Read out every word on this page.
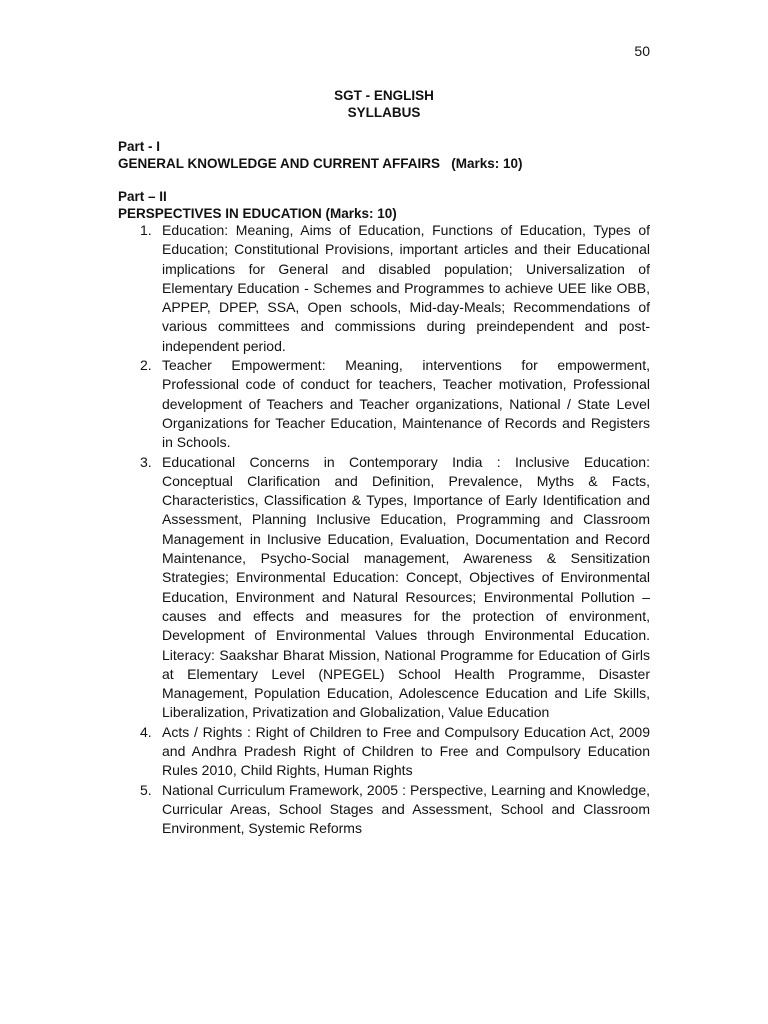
50
SGT - ENGLISH
SYLLABUS
Part - I
GENERAL KNOWLEDGE AND CURRENT AFFAIRS   (Marks: 10)
Part – II
PERSPECTIVES IN EDUCATION (Marks: 10)
1. Education: Meaning, Aims of Education, Functions of Education, Types of Education; Constitutional Provisions, important articles and their Educational implications for General and disabled population; Universalization of Elementary Education - Schemes and Programmes to achieve UEE like OBB, APPEP, DPEP, SSA, Open schools, Mid-day-Meals; Recommendations of various committees and commissions during preindependent and post-independent period.
2. Teacher Empowerment: Meaning, interventions for empowerment, Professional code of conduct for teachers, Teacher motivation, Professional development of Teachers and Teacher organizations, National / State Level Organizations for Teacher Education, Maintenance of Records and Registers in Schools.
3. Educational Concerns in Contemporary India : Inclusive Education: Conceptual Clarification and Definition, Prevalence, Myths & Facts, Characteristics, Classification & Types, Importance of Early Identification and Assessment, Planning Inclusive Education, Programming and Classroom Management in Inclusive Education, Evaluation, Documentation and Record Maintenance, Psycho-Social management, Awareness & Sensitization Strategies; Environmental Education: Concept, Objectives of Environmental Education, Environment and Natural Resources; Environmental Pollution – causes and effects and measures for the protection of environment, Development of Environmental Values through Environmental Education. Literacy: Saakshar Bharat Mission, National Programme for Education of Girls at Elementary Level (NPEGEL) School Health Programme, Disaster Management, Population Education, Adolescence Education and Life Skills, Liberalization, Privatization and Globalization, Value Education
4. Acts / Rights : Right of Children to Free and Compulsory Education Act, 2009 and Andhra Pradesh Right of Children to Free and Compulsory Education Rules 2010, Child Rights, Human Rights
5. National Curriculum Framework, 2005 : Perspective, Learning and Knowledge, Curricular Areas, School Stages and Assessment, School and Classroom Environment, Systemic Reforms
